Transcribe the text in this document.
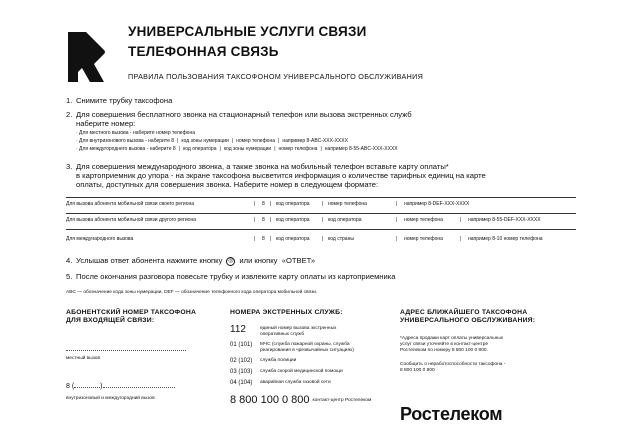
УНИВЕРСАЛЬНЫЕ УСЛУГИ СВЯЗИ
ТЕЛЕФОННАЯ СВЯЗЬ
ПРАВИЛА ПОЛЬЗОВАНИЯ ТАКСОФОНОМ УНИВЕРСАЛЬНОГО ОБСЛУЖИВАНИЯ
1. Снимите трубку таксофона
2. Для совершения бесплатного звонка на стационарный телефон или вызова экстренных служб
наберите номер:
· Для местного вызова - наберите номер телефона
· Для внутризонового вызова - наберите 8 | код зоны нумерации | номер телефона | например 8-ABC-XXX-XXXX
· Для междугороднего вызова - наберите 8 | код оператора | код зоны нумерации | номер телефона | например 8-55-ABC-XXX-XXXX
3. Для совершения международного звонка, а также звонка на мобильный телефон вставьте карту оплаты*
в картоприемник до упора - на экране таксофона высветится информация о количестве тарифных единиц на карте
оплаты, доступных для совершения звонка. Наберите номер в следующем формате:
Для вызова абонента мобильной связи своего региона	| 8 | код оператора | номер телефона	| например 8-DEF-XXX-XXXX
Для вызова абонента мобильной связи другого региона	| 8 | код оператора | код оператора	| номер телефона	| например 8-55-DEF-XXX-XXXX
Для международного вызова	| 8 | код оператора | код страны	| номер телефона	| например 8-10 номер телефона
4. Услышав ответ абонента нажмите кнопку ◎ или кнопку «ОТВЕТ»
5. После окончания разговора повесьте трубку и извлеките карту оплаты из картоприемника
ABC — обозначение кода зоны нумерации, DEF — обозначение телефонного кода оператора мобильной связи.
АБОНЕНТСКИЙ НОМЕР ТАКСОФОНА
ДЛЯ ВХОДЯЩЕЙ СВЯЗИ:
местный вызов
8 (	)
внутризоновый и междугородний вызов
НОМЕРА ЭКСТРЕННЫХ СЛУЖБ:
112	единый номер вызова экстренных
оперативных служб
01 (101) МЧС (служба пожарной охраны, служба
реагирования в чрезвычайных ситуациях)
02 (102) служба полиции
03 (103) служба скорой медицинской помощи
04 (104) аварийная служба газовой сети
8 800 100 0 800 контакт-центр Ростелеком
АДРЕС БЛИЖАЙШЕГО ТАКСОФОНА
УНИВЕРСАЛЬНОГО ОБСЛУЖИВАНИЯ:
*Адреса продажи карт оплаты универсальных
услуг связи уточняйте в контакт-центре
Ростелеком по номеру 8 800 100 0 800.
Сообщить о неработоспособности таксофона -
8 800 100 0 800
Ростелеком
